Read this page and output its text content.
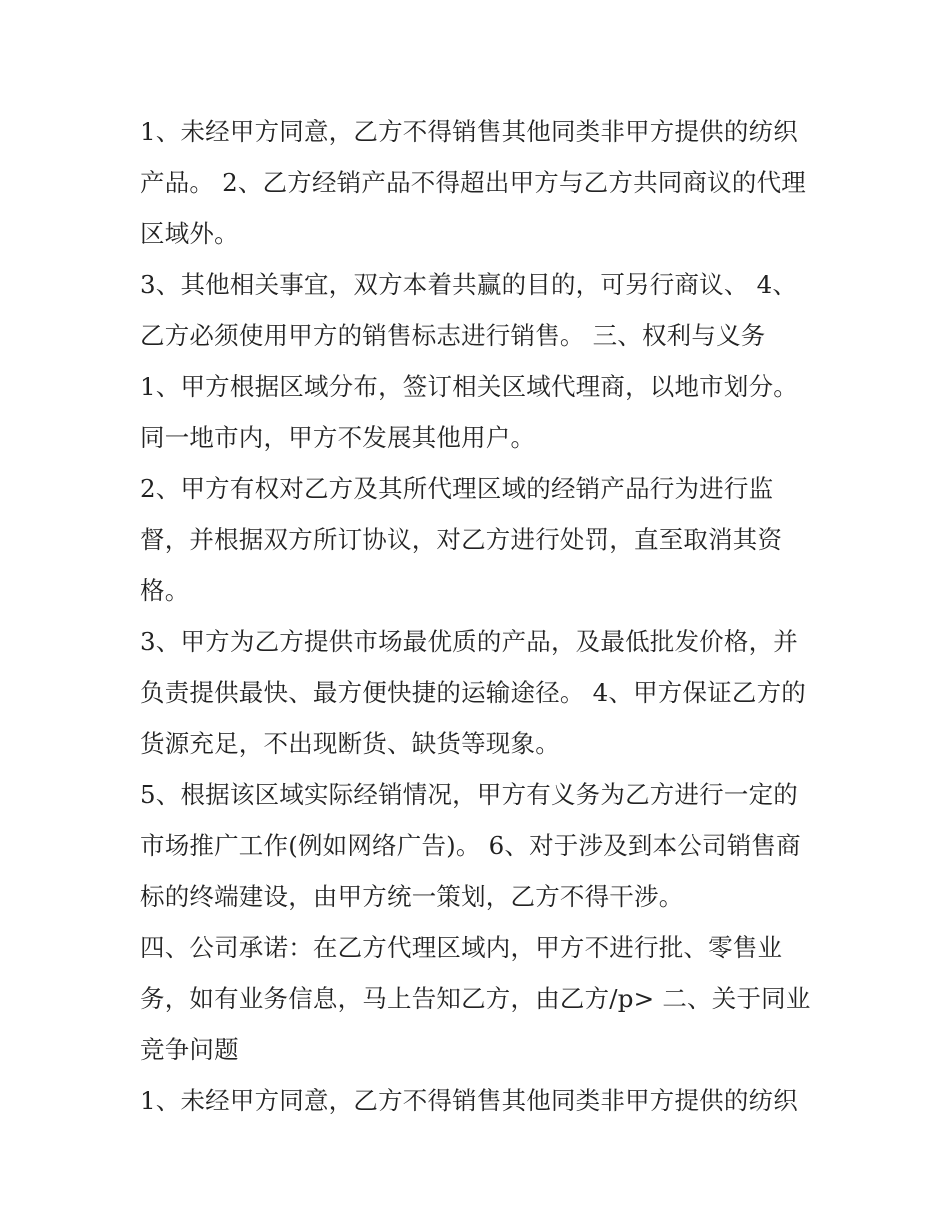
1、未经甲方同意，乙方不得销售其他同类非甲方提供的纺织
产品。 2、乙方经销产品不得超出甲方与乙方共同商议的代理
区域外。
3、其他相关事宜，双方本着共赢的目的，可另行商议、 4、
乙方必须使用甲方的销售标志进行销售。 三、权利与义务
1、甲方根据区域分布，签订相关区域代理商，以地市划分。
同一地市内，甲方不发展其他用户。
2、甲方有权对乙方及其所代理区域的经销产品行为进行监
督，并根据双方所订协议，对乙方进行处罚，直至取消其资
格。
3、甲方为乙方提供市场最优质的产品，及最低批发价格，并
负责提供最快、最方便快捷的运输途径。 4、甲方保证乙方的
货源充足，不出现断货、缺货等现象。
5、根据该区域实际经销情况，甲方有义务为乙方进行一定的
市场推广工作(例如网络广告)。 6、对于涉及到本公司销售商
标的终端建设，由甲方统一策划，乙方不得干涉。
四、公司承诺：在乙方代理区域内，甲方不进行批、零售业
务，如有业务信息，马上告知乙方，由乙方/p> 二、关于同业
竞争问题
1、未经甲方同意，乙方不得销售其他同类非甲方提供的纺织
